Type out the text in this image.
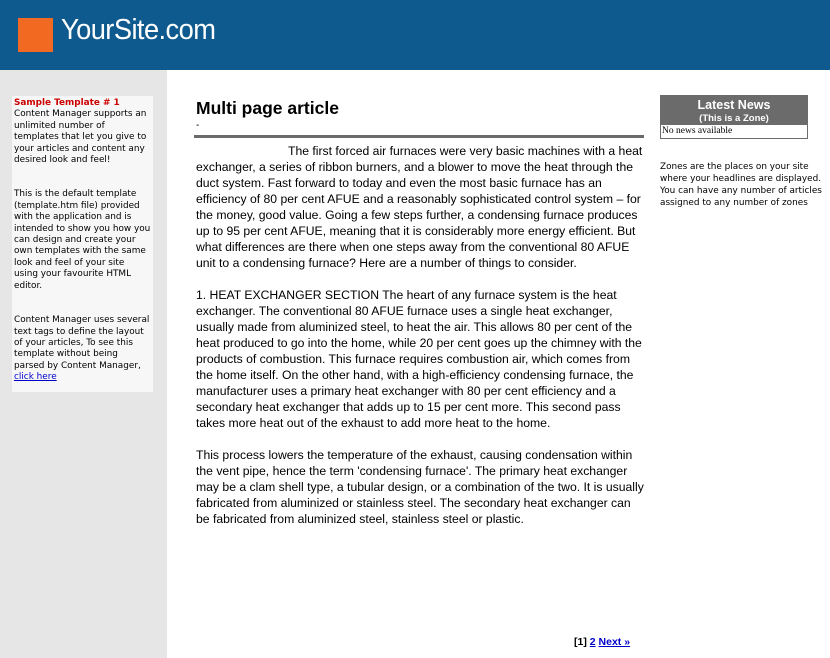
YourSite.com

Sample Template # 1
Content Manager supports an unlimited number of templates that let you give to your articles and content any desired look and feel!

This is the default template (template.htm file) provided with the application and is intended to show you how you can design and create your own templates with the same look and feel of your site using your favourite HTML editor.

Content Manager uses several text tags to define the layout of your articles, To see this template without being parsed by Content Manager, click here

Multi page article
-

The first forced air furnaces were very basic machines with a heat exchanger, a series of ribbon burners, and a blower to move the heat through the duct system. Fast forward to today and even the most basic furnace has an efficiency of 80 per cent AFUE and a reasonably sophisticated control system – for the money, good value. Going a few steps further, a condensing furnace produces up to 95 per cent AFUE, meaning that it is considerably more energy efficient. But what differences are there when one steps away from the conventional 80 AFUE unit to a condensing furnace? Here are a number of things to consider.

1. HEAT EXCHANGER SECTION The heart of any furnace system is the heat exchanger. The conventional 80 AFUE furnace uses a single heat exchanger, usually made from aluminized steel, to heat the air. This allows 80 per cent of the heat produced to go into the home, while 20 per cent goes up the chimney with the products of combustion. This furnace requires combustion air, which comes from the home itself. On the other hand, with a high-efficiency condensing furnace, the manufacturer uses a primary heat exchanger with 80 per cent efficiency and a secondary heat exchanger that adds up to 15 per cent more. This second pass takes more heat out of the exhaust to add more heat to the home.

This process lowers the temperature of the exhaust, causing condensation within the vent pipe, hence the term 'condensing furnace'. The primary heat exchanger may be a clam shell type, a tubular design, or a combination of the two. It is usually fabricated from aluminized or stainless steel. The secondary heat exchanger can be fabricated from aluminized steel, stainless steel or plastic.

[1] 2 Next »
Latest News
(This is a Zone)
No news available
Zones are the places on your site where your headlines are displayed. You can have any number of articles assigned to any number of zones
